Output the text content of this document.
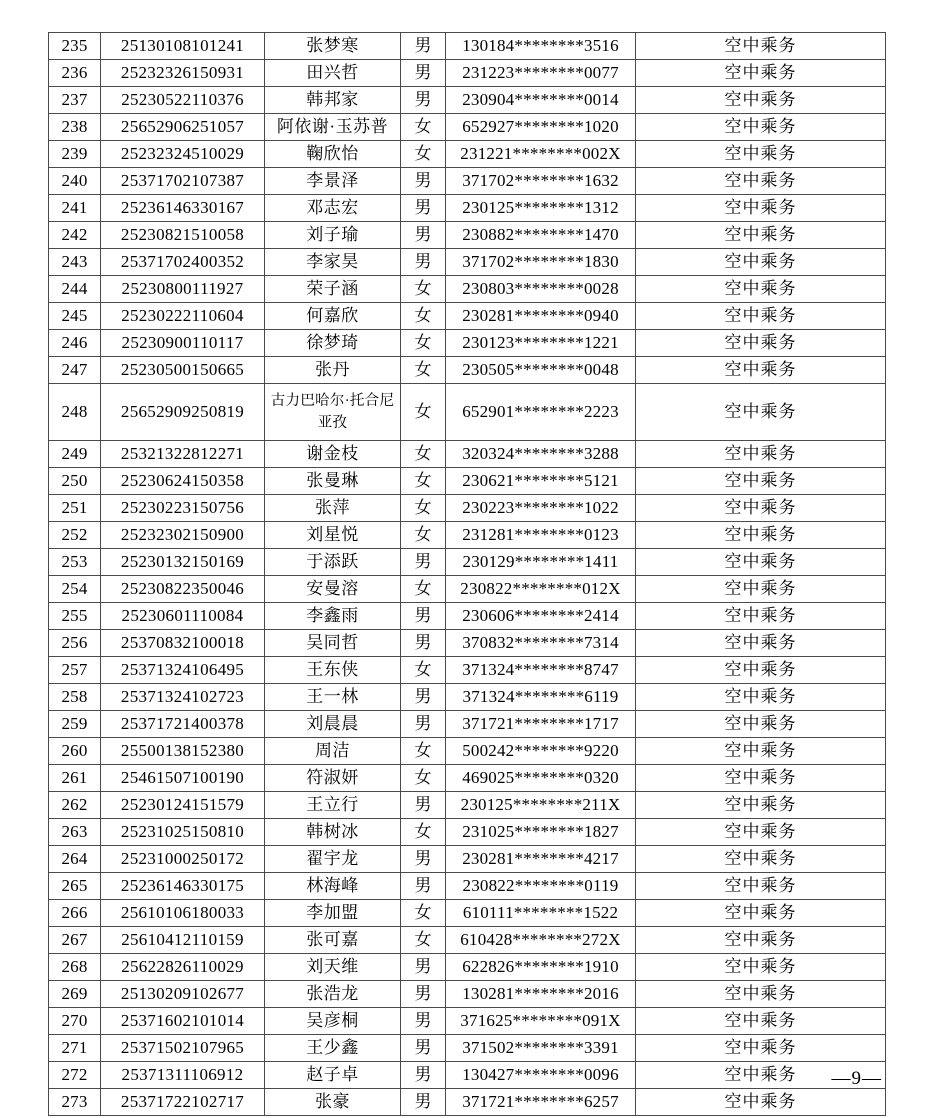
235	25130108101241	张梦寒	男	130184********3516	空中乘务
236	25232326150931	田兴哲	男	231223********0077	空中乘务
237	25230522110376	韩邦家	男	230904********0014	空中乘务
238	25652906251057	阿依谢·玉苏普	女	652927********1020	空中乘务
239	25232324510029	鞠欣怡	女	231221********002X	空中乘务
240	25371702107387	李景泽	男	371702********1632	空中乘务
241	25236146330167	邓志宏	男	230125********1312	空中乘务
242	25230821510058	刘子瑜	男	230882********1470	空中乘务
243	25371702400352	李家昊	男	371702********1830	空中乘务
244	25230800111927	荣子涵	女	230803********0028	空中乘务
245	25230222110604	何嘉欣	女	230281********0940	空中乘务
246	25230900110117	徐梦琦	女	230123********1221	空中乘务
247	25230500150665	张丹	女	230505********0048	空中乘务
248	25652909250819	古力巴哈尔·托合尼亚孜	女	652901********2223	空中乘务
249	25321322812271	谢金枝	女	320324********3288	空中乘务
250	25230624150358	张曼琳	女	230621********5121	空中乘务
251	25230223150756	张萍	女	230223********1022	空中乘务
252	25232302150900	刘星悦	女	231281********0123	空中乘务
253	25230132150169	于添跃	男	230129********1411	空中乘务
254	25230822350046	安曼溶	女	230822********012X	空中乘务
255	25230601110084	李鑫雨	男	230606********2414	空中乘务
256	25370832100018	吴同哲	男	370832********7314	空中乘务
257	25371324106495	王东侠	女	371324********8747	空中乘务
258	25371324102723	王一林	男	371324********6119	空中乘务
259	25371721400378	刘晨晨	男	371721********1717	空中乘务
260	25500138152380	周洁	女	500242********9220	空中乘务
261	25461507100190	符淑妍	女	469025********0320	空中乘务
262	25230124151579	王立行	男	230125********211X	空中乘务
263	25231025150810	韩树冰	女	231025********1827	空中乘务
264	25231000250172	翟宇龙	男	230281********4217	空中乘务
265	25236146330175	林海峰	男	230822********0119	空中乘务
266	25610106180033	李加盟	女	610111********1522	空中乘务
267	25610412110159	张可嘉	女	610428********272X	空中乘务
268	25622826110029	刘天维	男	622826********1910	空中乘务
269	25130209102677	张浩龙	男	130281********2016	空中乘务
270	25371602101014	吴彦桐	男	371625********091X	空中乘务
271	25371502107965	王少鑫	男	371502********3391	空中乘务
272	25371311106912	赵子卓	男	130427********0096	空中乘务
273	25371722102717	张豪	男	371721********6257	空中乘务
—9—
